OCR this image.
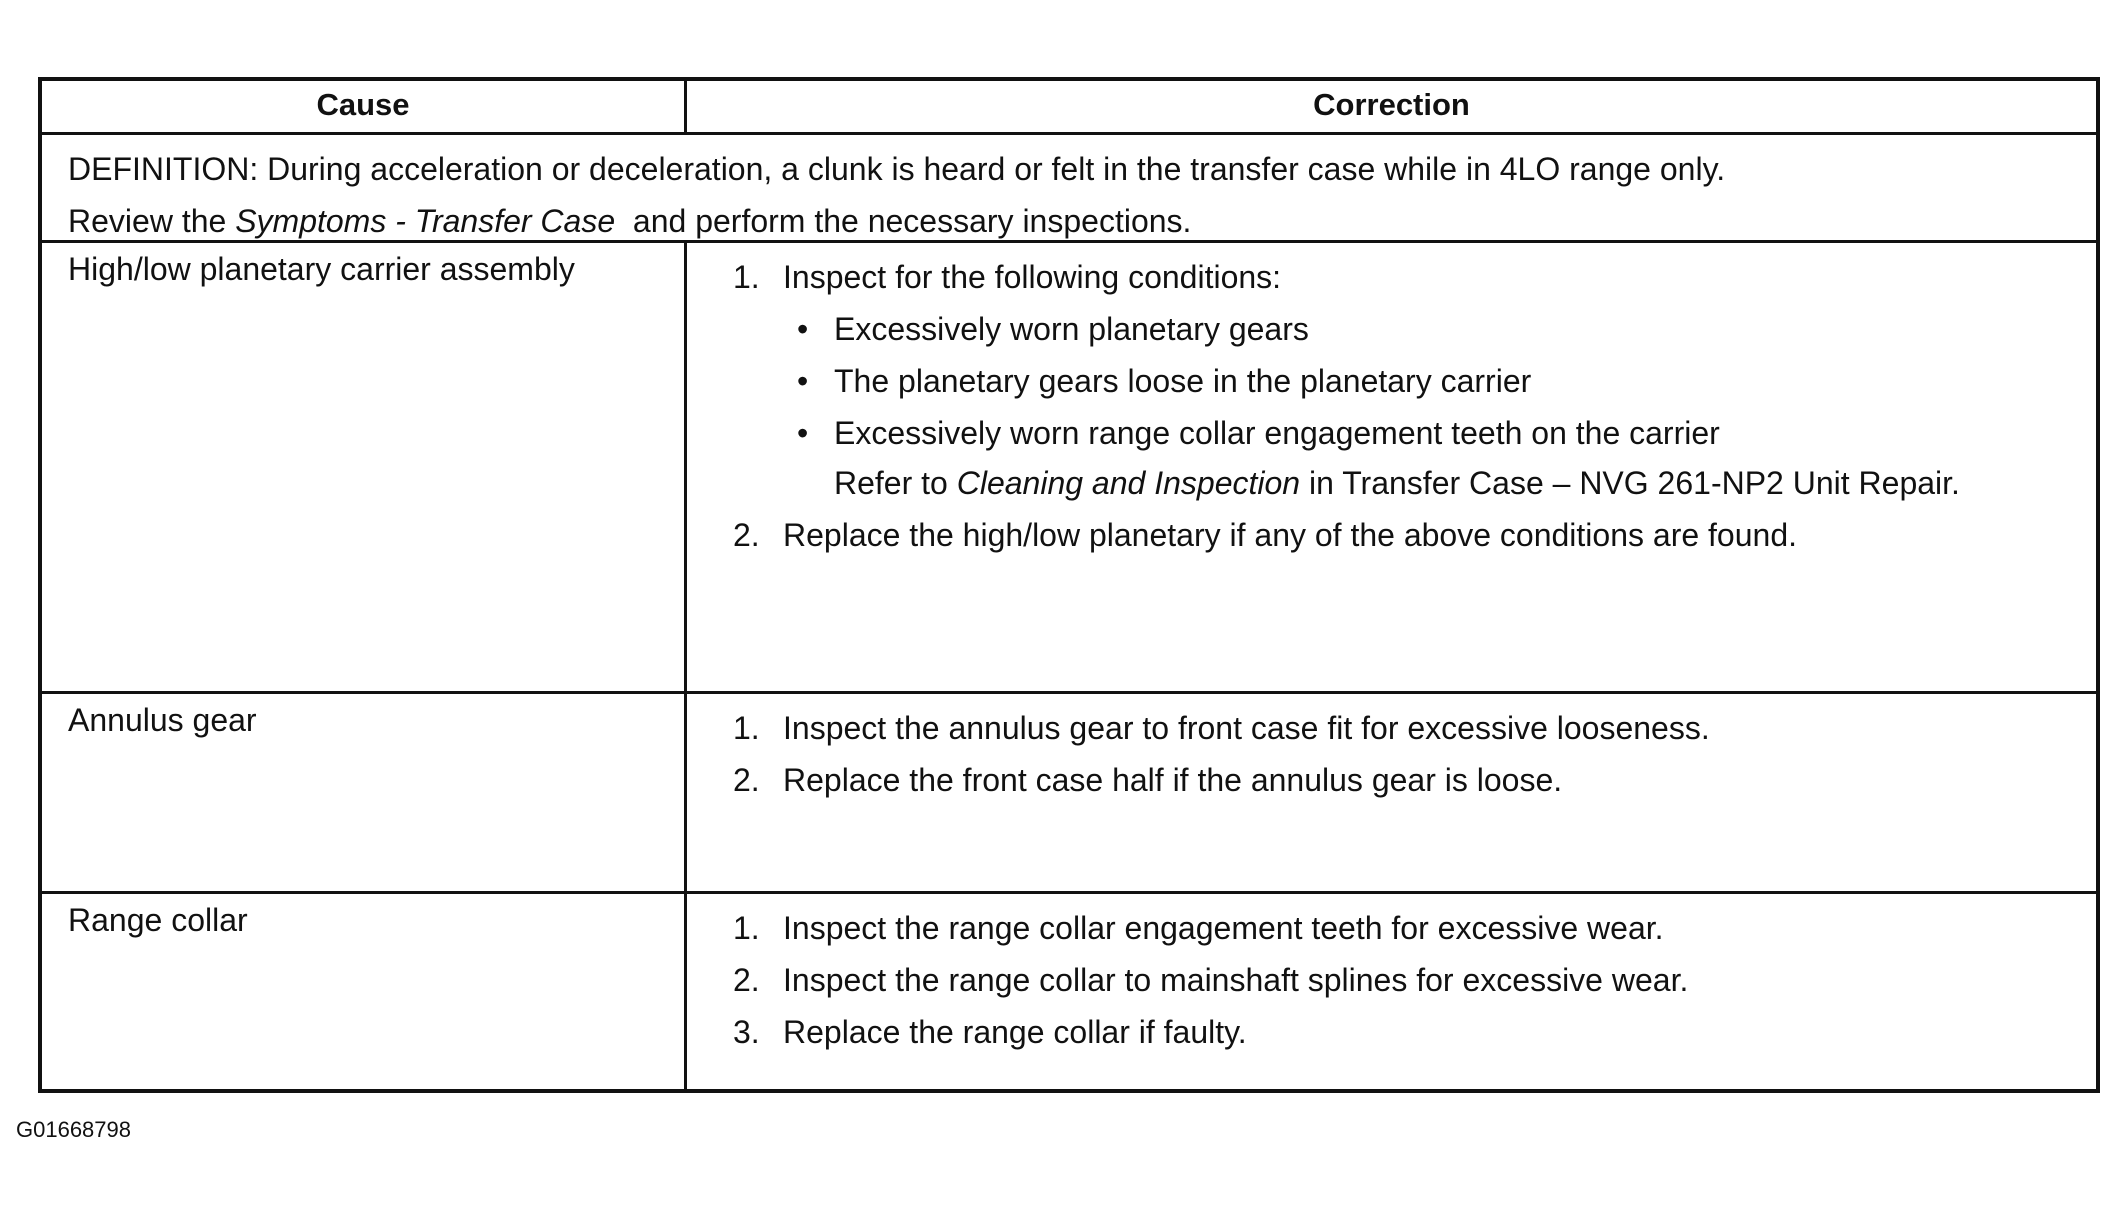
Cause	Correction
DEFINITION: During acceleration or deceleration, a clunk is heard or felt in the transfer case while in 4LO range only.
Review the Symptoms - Transfer Case  and perform the necessary inspections.
High/low planetary carrier assembly	1. Inspect for the following conditions:
• Excessively worn planetary gears
• The planetary gears loose in the planetary carrier
• Excessively worn range collar engagement teeth on the carrier
Refer to Cleaning and Inspection in Transfer Case – NVG 261-NP2 Unit Repair.
2. Replace the high/low planetary if any of the above conditions are found.
Annulus gear	1. Inspect the annulus gear to front case fit for excessive looseness.
2. Replace the front case half if the annulus gear is loose.
Range collar	1. Inspect the range collar engagement teeth for excessive wear.
2. Inspect the range collar to mainshaft splines for excessive wear.
3. Replace the range collar if faulty.
G01668798
